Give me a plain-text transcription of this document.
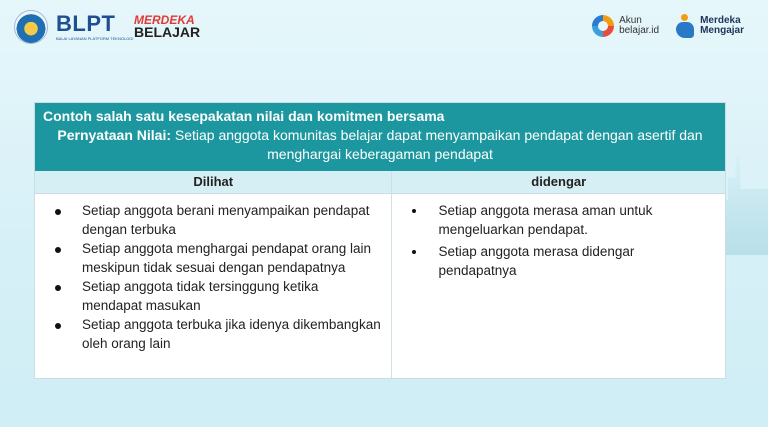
BLPT
BALAI LAYANAN PLATFORM TEKNOLOGI
MERDEKA
BELAJAR
Akun
belajar.id
Merdeka
Mengajar
Contoh salah satu kesepakatan nilai dan komitmen bersama
Pernyataan Nilai: Setiap anggota komunitas belajar dapat menyampaikan pendapat dengan asertif dan menghargai keberagaman pendapat
Dilihat
Setiap anggota berani menyampaikan pendapat dengan terbuka
Setiap anggota menghargai pendapat orang lain meskipun tidak sesuai dengan pendapatnya
Setiap anggota tidak tersinggung ketika mendapat masukan
Setiap anggota terbuka jika idenya dikembangkan oleh orang lain
didengar
Setiap anggota merasa aman untuk mengeluarkan pendapat.
Setiap anggota merasa didengar pendapatnya
